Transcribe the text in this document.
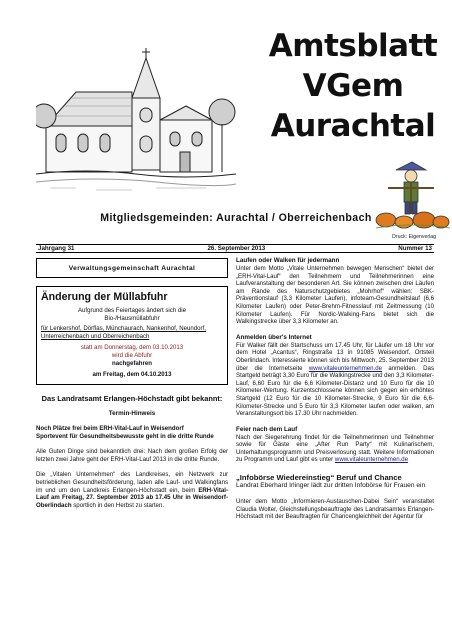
Amtsblatt
VGem
Aurachtal
Mitgliedsgemeinden: Aurachtal / Oberreichenbach
Druck: Eigenverlag
Jahrgang 31	26. September 2013	Nummer 13
Verwaltungsgemeinschaft Aurachtal
Änderung der Müllabfuhr
Aufgrund des Feiertages ändert sich die
Bio-/Hausmüllabfuhr
für Lenkershof, Dörflas, Münchaurach, Nankenhof, Neundorf, Unterreichenbach und Oberreichenbach
statt am Donnerstag, dem 03.10.2013
wird die Abfuhr
nachgefahren
am Freitag, dem 04.10.2013
Das Landratsamt Erlangen-Höchstadt gibt bekannt:
Termin-Hinweis
Noch Plätze frei beim ERH-Vital-Lauf in Weisendorf
Sportevent für Gesundheitsbewusste geht in die dritte Runde
Alle Guten Dinge sind bekanntlich drei: Nach dem großen Erfolg der letzten zwei Jahre geht der ERH-Vital-Lauf 2013 in die dritte Runde.
Die „Vitalen Unternehmen“ des Landkreises, ein Netzwerk zur betrieblichen Gesundheitsförderung, laden alle Lauf- und Walkingfans im und um den Landkreis Erlangen-Höchstadt ein, beim ERH-Vital-Lauf am Freitag, 27. September 2013 ab 17.45 Uhr in Weisendorf-Oberlindach sportlich in den Herbst zu starten.
Laufen oder Walken für jedermann
Unter dem Motto „Vitale Unternehmen bewegen Menschen“ bietet der „ERH-Vital-Lauf“ den Teilnehmern und Teilnehmerinnen eine Laufveranstaltung der besonderen Art. Sie können zwischen drei Läufen am Rande des Naturschutzgebietes „Mohrhof“ wählen: SBK-Präventionslauf (3,3 Kilometer Laufen), infoteam-Gesundheitslauf (6,6 Kilometer Laufen) oder Peter-Brehm-Fitnesslauf mit Zeitmessung (10 Kilometer Laufen). Für Nordic-Walking-Fans bietet sich die Walkingstrecke über 3,3 Kilometer an.
Anmelden über's Internet
Für Walker fällt der Startschuss um 17.45 Uhr, für Läufer um 18 Uhr vor dem Hotel „Acantus“, Ringstraße 13 in 91085 Weisendorf, Ortsteil Oberlindach. Interessierte können sich bis Mittwoch, 25. September 2013 über die Internetseite www.vitaleunternehmen.de anmelden. Das Startgeld beträgt 3,30 Euro für die Walkingstrecke und den 3,3 Kilometer-Lauf, 6,60 Euro für die 6,6 Kilometer-Distanz und 10 Euro für die 10 Kilometer-Wertung. Kurzentschlossene können sich gegen ein erhöhtes Startgeld (12 Euro für die 10 Kilometer-Strecke, 9 Euro für die 6,6-Kilometer-Strecke und 5 Euro für 3,3 Kilometer laufen oder walken, am Veranstaltungsort bis 17.30 Uhr nachmelden.
Feier nach dem Lauf
Nach der Siegerehrung findet für die Teilnehmerinnen und Teilnehmer sowie für Gäste eine „After Run Party“ mit Kulinarischem, Unterhaltungsprogramm und Preisverlosung statt. Weitere Informationen zu Programm und Lauf gibt es unter www.vitaleunternehmen.de
„Infobörse Wiedereinstieg“ Beruf und Chance
Landrat Eberhard Irlinger lädt zur dritten Infobörse für Frauen ein
Unter dem Motto „Informieren-Austauschen-Dabei Sein“ veranstaltet Claudia Wolter, Gleichstellungsbeauftragte des Landratsamtes Erlangen-Höchstadt mit der Beauftragten für Chancengleichheit der Agentur für
